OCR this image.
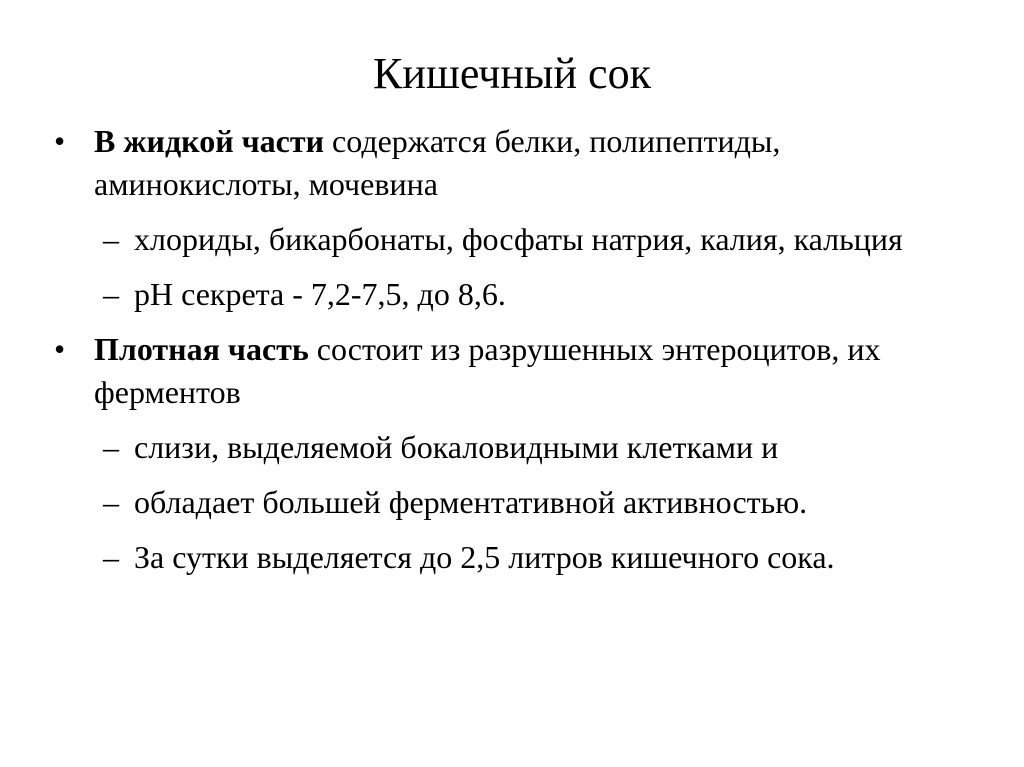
Кишечный сок

• В жидкой части содержатся белки, полипептиды, аминокислоты, мочевина

– хлориды, бикарбонаты, фосфаты натрия, калия, кальция

– pH секрета - 7,2-7,5, до 8,6.

• Плотная часть состоит из разрушенных энтероцитов, их ферментов

– слизи, выделяемой бокаловидными клетками и

– обладает большей ферментативной активностью.

– За сутки выделяется до 2,5 литров кишечного сока.
